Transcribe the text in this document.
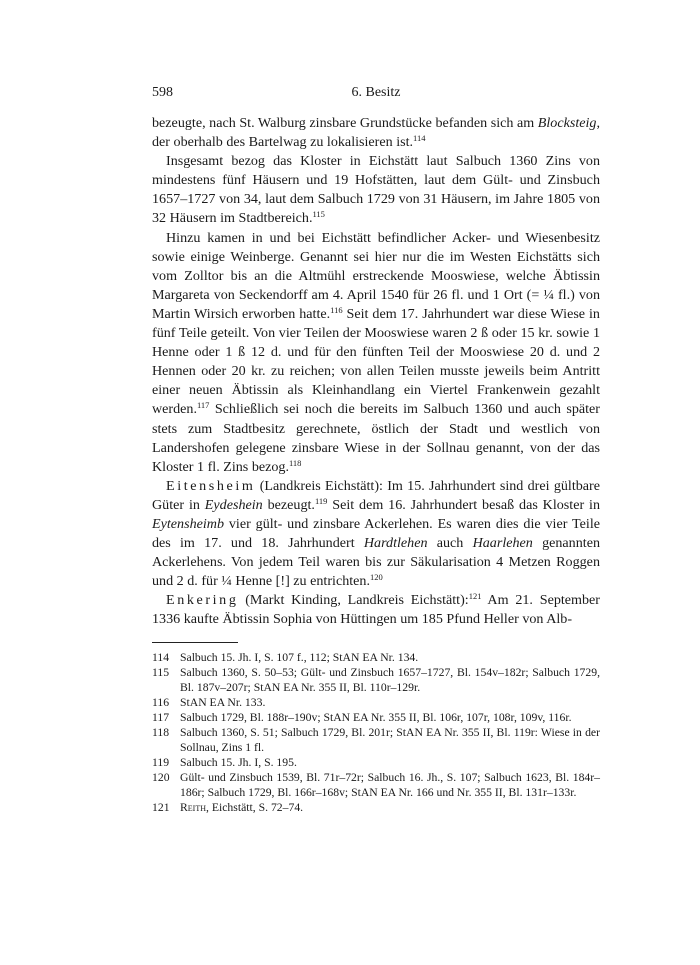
598	6. Besitz

bezeugte, nach St. Walburg zinsbare Grundstücke befanden sich am Blocksteig, der oberhalb des Bartelwag zu lokalisieren ist.$^{114}$

Insgesamt bezog das Kloster in Eichstätt laut Salbuch 1360 Zins von mindestens fünf Häusern und 19 Hofstätten, laut dem Gült- und Zinsbuch 1657–1727 von 34, laut dem Salbuch 1729 von 31 Häusern, im Jahre 1805 von 32 Häusern im Stadtbereich.$^{115}$

Hinzu kamen in und bei Eichstätt befindlicher Acker- und Wiesenbesitz sowie einige Weinberge. Genannt sei hier nur die im Westen Eichstätts sich vom Zolltor bis an die Altmühl erstreckende Mooswiese, welche Äbtissin Margareta von Seckendorff am 4. April 1540 für 26 fl. und 1 Ort (= ¼ fl.) von Martin Wirsich erworben hatte.$^{116}$ Seit dem 17. Jahrhundert war diese Wiese in fünf Teile geteilt. Von vier Teilen der Mooswiese waren 2 ß oder 15 kr. sowie 1 Henne oder 1 ß 12 d. und für den fünften Teil der Mooswiese 20 d. und 2 Hennen oder 20 kr. zu reichen; von allen Teilen musste jeweils beim Antritt einer neuen Äbtissin als Kleinhandlang ein Viertel Frankenwein gezahlt werden.$^{117}$ Schließlich sei noch die bereits im Salbuch 1360 und auch später stets zum Stadtbesitz gerechnete, östlich der Stadt und westlich von Landershofen gelegene zinsbare Wiese in der Sollnau genannt, von der das Kloster 1 fl. Zins bezog.$^{118}$

Eitensheim (Landkreis Eichstätt): Im 15. Jahrhundert sind drei gültbare Güter in Eydeshein bezeugt.$^{119}$ Seit dem 16. Jahrhundert besaß das Kloster in Eytensheimb vier gült- und zinsbare Ackerlehen. Es waren dies die vier Teile des im 17. und 18. Jahrhundert Hardtlehen auch Haarlehen genannten Ackerlehens. Von jedem Teil waren bis zur Säkularisation 4 Metzen Roggen und 2 d. für ¼ Henne [!] zu entrichten.$^{120}$

Enkering (Markt Kinding, Landkreis Eichstätt):$^{121}$ Am 21. September 1336 kaufte Äbtissin Sophia von Hüttingen um 185 Pfund Heller von Alb-

114 Salbuch 15. Jh. I, S. 107 f., 112; StAN EA Nr. 134.
115 Salbuch 1360, S. 50–53; Gült- und Zinsbuch 1657–1727, Bl. 154v–182r; Salbuch 1729, Bl. 187v–207r; StAN EA Nr. 355 II, Bl. 110r–129r.
116 StAN EA Nr. 133.
117 Salbuch 1729, Bl. 188r–190v; StAN EA Nr. 355 II, Bl. 106r, 107r, 108r, 109v, 116r.
118 Salbuch 1360, S. 51; Salbuch 1729, Bl. 201r; StAN EA Nr. 355 II, Bl. 119r: Wiese in der Sollnau, Zins 1 fl.
119 Salbuch 15. Jh. I, S. 195.
120 Gült- und Zinsbuch 1539, Bl. 71r–72r; Salbuch 16. Jh., S. 107; Salbuch 1623, Bl. 184r–186r; Salbuch 1729, Bl. 166r–168v; StAN EA Nr. 166 und Nr. 355 II, Bl. 131r–133r.
121 Reith, Eichstätt, S. 72–74.
